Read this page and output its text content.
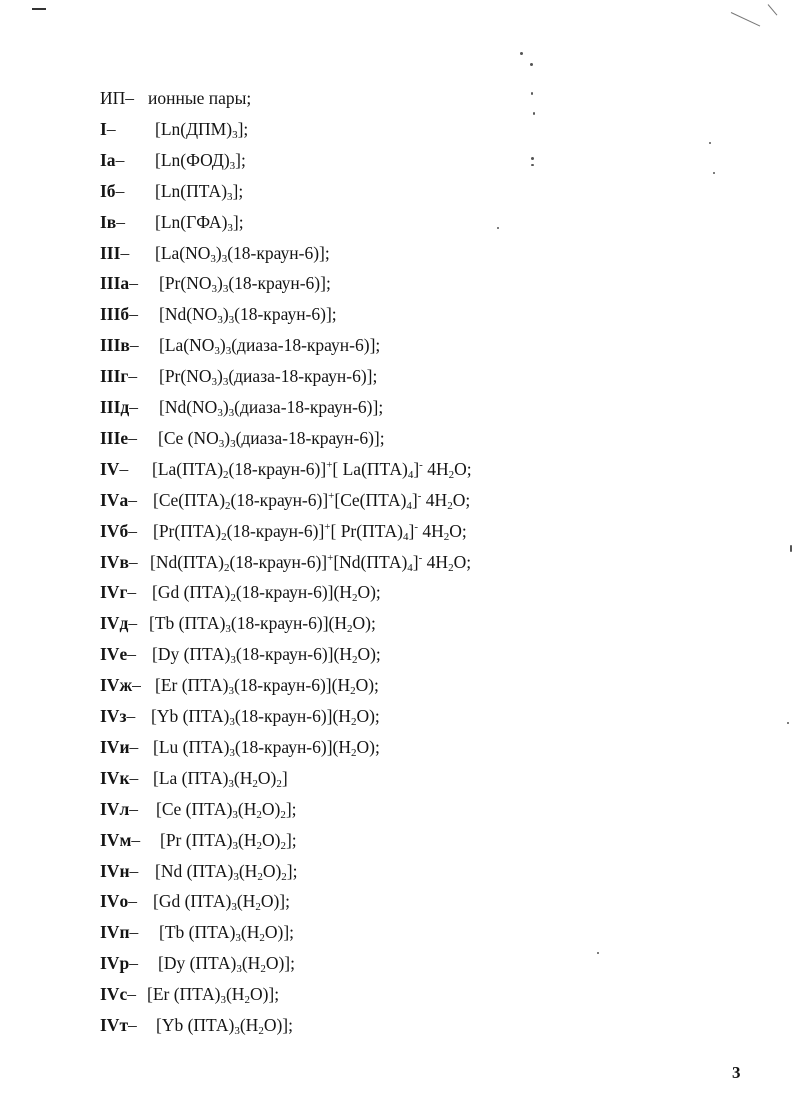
ИП– ионные пары;
I– $[Ln(ДПМ)_3]$;
Iа– $[Ln(ФОД)_3]$;
Iб– $[Ln(ПТА)_3]$;
Iв– $[Ln(ГФА)_3]$;
III– $[La(NO_3)_3(18-краун-6)]$;
IIIа– $[Pr(NO_3)_3(18-краун-6)]$;
IIIб– $[Nd(NO_3)_3(18-краун-6)]$;
IIIв– $[La(NO_3)_3(диаза-18-краун-6)]$;
IIIг– $[Pr(NO_3)_3(диаза-18-краун-6)]$;
IIIд– $[Nd(NO_3)_3(диаза-18-краун-6)]$;
IIIе– [Ce $(NO_3)_3(диаза-18-краун-6)$];
IV– $[La(ПТА)_2(18-краун-6)]^+$[ $La(ПТА)_4]^-$ $4H_2O$;
IVа– $[Ce(ПТА)_2(18-краун-6)]^+[Ce(ПТА)_4]^-$ $4H_2O$;
IVб– $[Pr(ПТА)_2(18-краун-6)]^+$[ $Pr(ПТА)_4]^-$ $4H_2O$;
IVв– $[Nd(ПТА)_2(18-краун-6)]^+[Nd(ПТА)_4]^-$ $4H_2O$;
IVг– [Gd $(ПТА)_2(18-краун-6)](H_2O)$;
IVд– [Tb $(ПТА)_3(18-краун-6)](H_2O)$;
IVе– [Dy $(ПТА)_3(18-краун-6)](H_2O)$;
IVж– [Er $(ПТА)_3(18-краун-6)](H_2O)$;
IVз– [Yb $(ПТА)_3(18-краун-6)](H_2O)$;
IVи– [Lu $(ПТА)_3(18-краун-6)](H_2O)$;
IVк– [La $(ПТА)_3(H_2O)_2$]
IVл– [Ce $(ПТА)_3(H_2O)_2$];
IVм– [Pr $(ПТА)_3(H_2O)_2$];
IVн– [Nd $(ПТА)_3(H_2O)_2$];
IVо– [Gd $(ПТА)_3(H_2O)$];
IVп– [Tb $(ПТА)_3(H_2O)$];
IVр– [Dy $(ПТА)_3(H_2O)$];
IVс– [Er $(ПТА)_3(H_2O)$];
IVт– [Yb $(ПТА)_3(H_2O)$];
3
